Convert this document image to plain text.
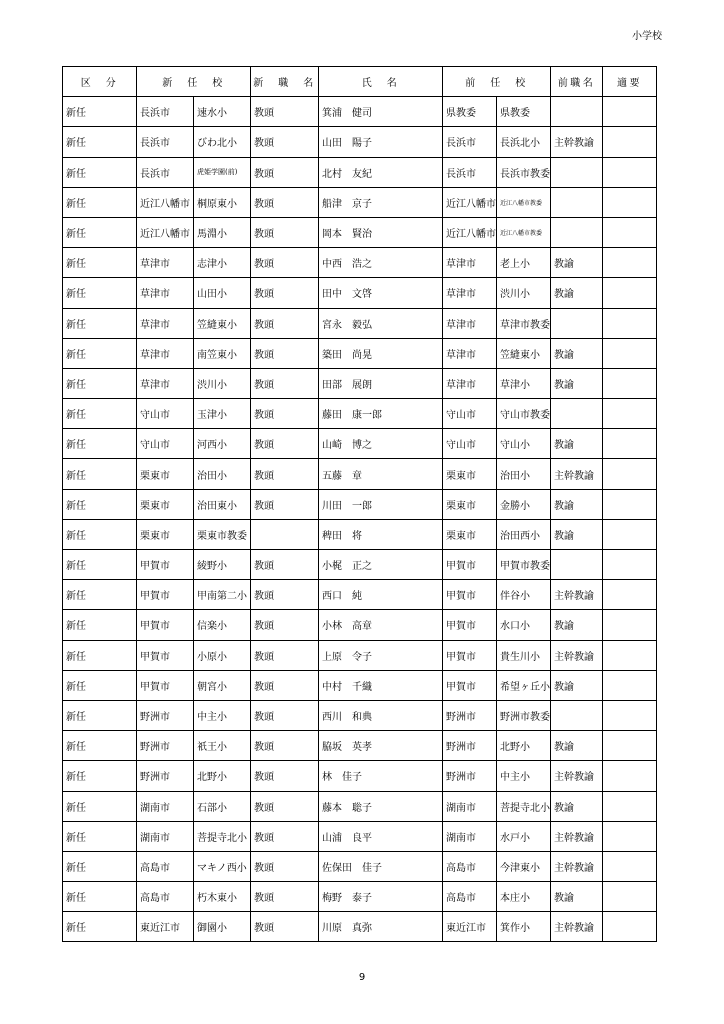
小学校
区　分	新　任　校		新　職　名	氏　名	前　任　校		前職名	適要
新任	長浜市	速水小	教頭	箕浦　健司	県教委	県教委		
新任	長浜市	びわ北小	教頭	山田　陽子	長浜市	長浜北小	主幹教諭	
新任	長浜市	虎姫学園(前)	教頭	北村　友紀	長浜市	長浜市教委		
新任	近江八幡市	桐原東小	教頭	船津　京子	近江八幡市	近江八幡市教委		
新任	近江八幡市	馬淵小	教頭	岡本　賢治	近江八幡市	近江八幡市教委		
新任	草津市	志津小	教頭	中西　浩之	草津市	老上小	教諭	
新任	草津市	山田小	教頭	田中　文啓	草津市	渋川小	教諭	
新任	草津市	笠縫東小	教頭	宮永　毅弘	草津市	草津市教委		
新任	草津市	南笠東小	教頭	築田　尚晃	草津市	笠縫東小	教諭	
新任	草津市	渋川小	教頭	田部　展朗	草津市	草津小	教諭	
新任	守山市	玉津小	教頭	藤田　康一郎	守山市	守山市教委		
新任	守山市	河西小	教頭	山崎　博之	守山市	守山小	教諭	
新任	栗東市	治田小	教頭	五藤　章	栗東市	治田小	主幹教諭	
新任	栗東市	治田東小	教頭	川田　一郎	栗東市	金勝小	教諭	
新任	栗東市	栗東市教委		稗田　将	栗東市	治田西小	教諭	
新任	甲賀市	綾野小	教頭	小梶　正之	甲賀市	甲賀市教委		
新任	甲賀市	甲南第二小	教頭	西口　純	甲賀市	伴谷小	主幹教諭	
新任	甲賀市	信楽小	教頭	小林　高章	甲賀市	水口小	教諭	
新任	甲賀市	小原小	教頭	上原　令子	甲賀市	貴生川小	主幹教諭	
新任	甲賀市	朝宮小	教頭	中村　千織	甲賀市	希望ヶ丘小	教諭	
新任	野洲市	中主小	教頭	西川　和典	野洲市	野洲市教委		
新任	野洲市	祇王小	教頭	脇坂　英孝	野洲市	北野小	教諭	
新任	野洲市	北野小	教頭	林　佳子	野洲市	中主小	主幹教諭	
新任	湖南市	石部小	教頭	藤本　聡子	湖南市	菩提寺北小	教諭	
新任	湖南市	菩提寺北小	教頭	山浦　良平	湖南市	水戸小	主幹教諭	
新任	高島市	マキノ西小	教頭	佐保田　佳子	高島市	今津東小	主幹教諭	
新任	高島市	朽木東小	教頭	梅野　泰子	高島市	本庄小	教諭	
新任	東近江市	御園小	教頭	川原　真弥	東近江市	箕作小	主幹教諭	
9
